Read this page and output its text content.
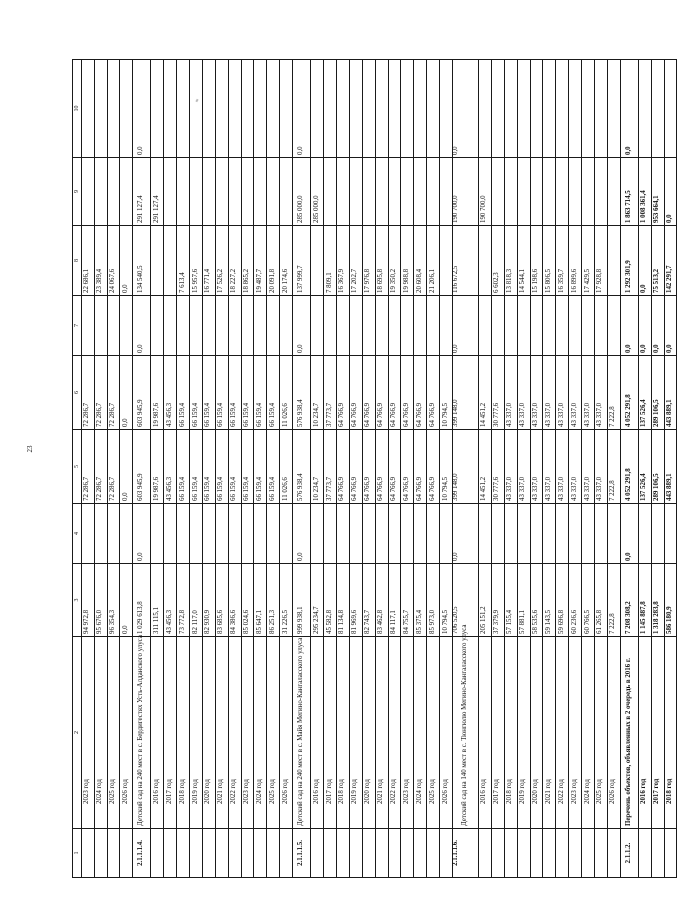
23
1	2	3	4	5	6	7	8	9	10
	2023 год	94 972,8		72 286,7	72 286,7		22 686,1		
	2024 год	95 676,0		72 286,7	72 286,7		23 389,4		
	2025 год	96 354,3		72 286,7	72 286,7		24 067,6		
	2026 год	0,0		0,0	0,0		0,0		
2.1.1.1.4.	Детский сад на 240 мест в с. Бердигестях Усть-Алданского улуса	1 029 613,8	0,0	603 945,9	603 945,9	0,0	134 540,5	291 127,4	0,0
	2016 год	311 115,1		19 987,6	19 987,6			291 127,4	
	2017 год	43 456,3		43 456,3	43 456,3				
	2018 год	73 772,8		66 159,4	66 159,4		7 613,4		
	2019 год	82 117,0		66 159,4	66 159,4		15 957,6		
	2020 год	82 930,9		66 159,4	66 159,4		16 771,4		
	2021 год	83 685,6		66 159,4	66 159,4		17 526,2		
	2022 год	84 386,6		66 159,4	66 159,4		18 227,2		
	2023 год	85 024,6		66 159,4	66 159,4		18 865,2		
	2024 год	85 647,1		66 159,4	66 159,4		19 487,7		
	2025 год	86 251,3		66 159,4	66 159,4		20 091,8		
	2026 год	31 226,5		11 026,6	11 026,6		20 174,6		
2.1.1.1.5.	Детский сад на 240 мест в с. Майя Мегино-Кангаласского улуса	999 938,1	0,0	576 938,4	576 938,4	0,0	137 999,7	285 000,0	0,0
	2016 год	295 234,7		10 234,7	10 234,7			285 000,0	
	2017 год	45 582,8		37 773,7	37 773,7		7 809,1		
	2018 год	81 134,8		64 766,9	64 766,9		16 367,9		
	2019 год	81 969,6		64 766,9	64 766,9		17 202,7		
	2020 год	82 743,7		64 766,9	64 766,9		17 976,8		
	2021 год	83 462,8		64 766,9	64 766,9		18 695,8		
	2022 год	84 117,1		64 766,9	64 766,9		19 350,2		
	2023 год	84 755,7		64 766,9	64 766,9		19 988,8		
	2024 год	85 375,4		64 766,9	64 766,9		20 608,4		
	2025 год	85 973,0		64 766,9	64 766,9		21 206,1		
	2026 год	10 794,5		10 794,5	10 794,5				
2.1.1.1.6.	Детский сад на 140 мест в с. Тюнгюлю Мегино-Кангаласского улуса	706 520,5	0,0	399 148,0	399 148,0	0,0	116 672,5	190 700,0	0,0
	2016 год	205 151,2		14 451,2	14 451,2			190 700,0	
	2017 год	37 379,9		30 777,6	30 777,6		6 602,3		
	2018 год	57 155,4		43 337,0	43 337,0		13 818,3		
	2019 год	57 881,1		43 337,0	43 337,0		14 544,1		
	2020 год	58 535,6		43 337,0	43 337,0		15 198,6		
	2021 год	59 143,5		43 337,0	43 337,0		15 806,5		
	2022 год	59 696,8		43 337,0	43 337,0		16 359,7		
	2023 год	60 236,6		43 337,0	43 337,0		16 899,6		
	2024 год	60 766,5		43 337,0	43 337,0		17 429,5		
	2025 год	61 265,8		43 337,0	43 337,0		17 928,8		
	2026 год	7 222,8		7 222,8	7 222,8				
2.1.1.2.	Перечень объектов, объявленных в 2 очередь в 2016 г.	7 208 308,2	0,0	4 052 291,8	4 052 291,8	0,0	1 292 301,9	1 863 714,5	0,0
	2016 год	1 145 887,8		137 526,4	137 526,4	0,0	0,0	1 008 361,4	
	2017 год	1 318 283,8		289 106,5	289 106,5	0,0	75 513,2	953 664,1	
	2018 год	586 180,9		443 889,1	443 889,1	0,0	142 291,7	0,0	
